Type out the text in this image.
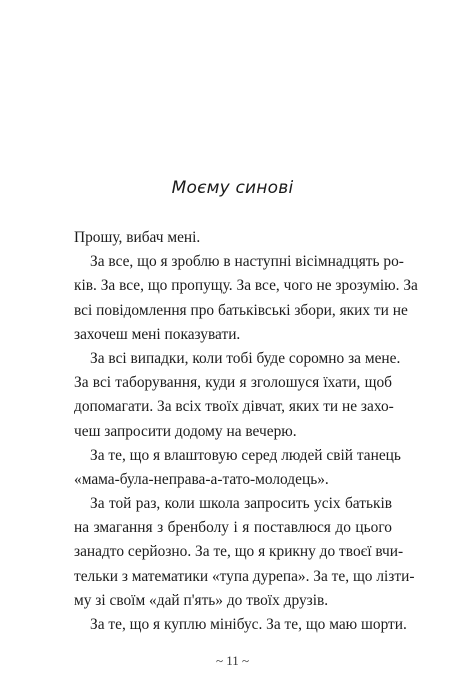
Моєму синові
Прошу, вибач мені.
За все, що я зроблю в наступні вісімнадцять ро-
ків. За все, що пропущу. За все, чого не зрозумію. За
всі повідомлення про батьківські збори, яких ти не
захочеш мені показувати.
За всі випадки, коли тобі буде соромно за мене.
За всі таборування, куди я зголошуся їхати, щоб
допомагати. За всіх твоїх дівчат, яких ти не захо-
чеш запросити додому на вечерю.
За те, що я влаштовую серед людей свій танець
«мама-була-неправа-а-тато-молодець».
За той раз, коли школа запросить усіх батьків
на змагання з бренболу і я поставлюся до цього
занадто серйозно. За те, що я крикну до твоєї вчи-
тельки з математики «тупа дурепа». За те, що лізти-
му зі своїм «дай п'ять» до твоїх друзів.
За те, що я куплю мінібус. За те, що маю шорти.
~ 11 ~
